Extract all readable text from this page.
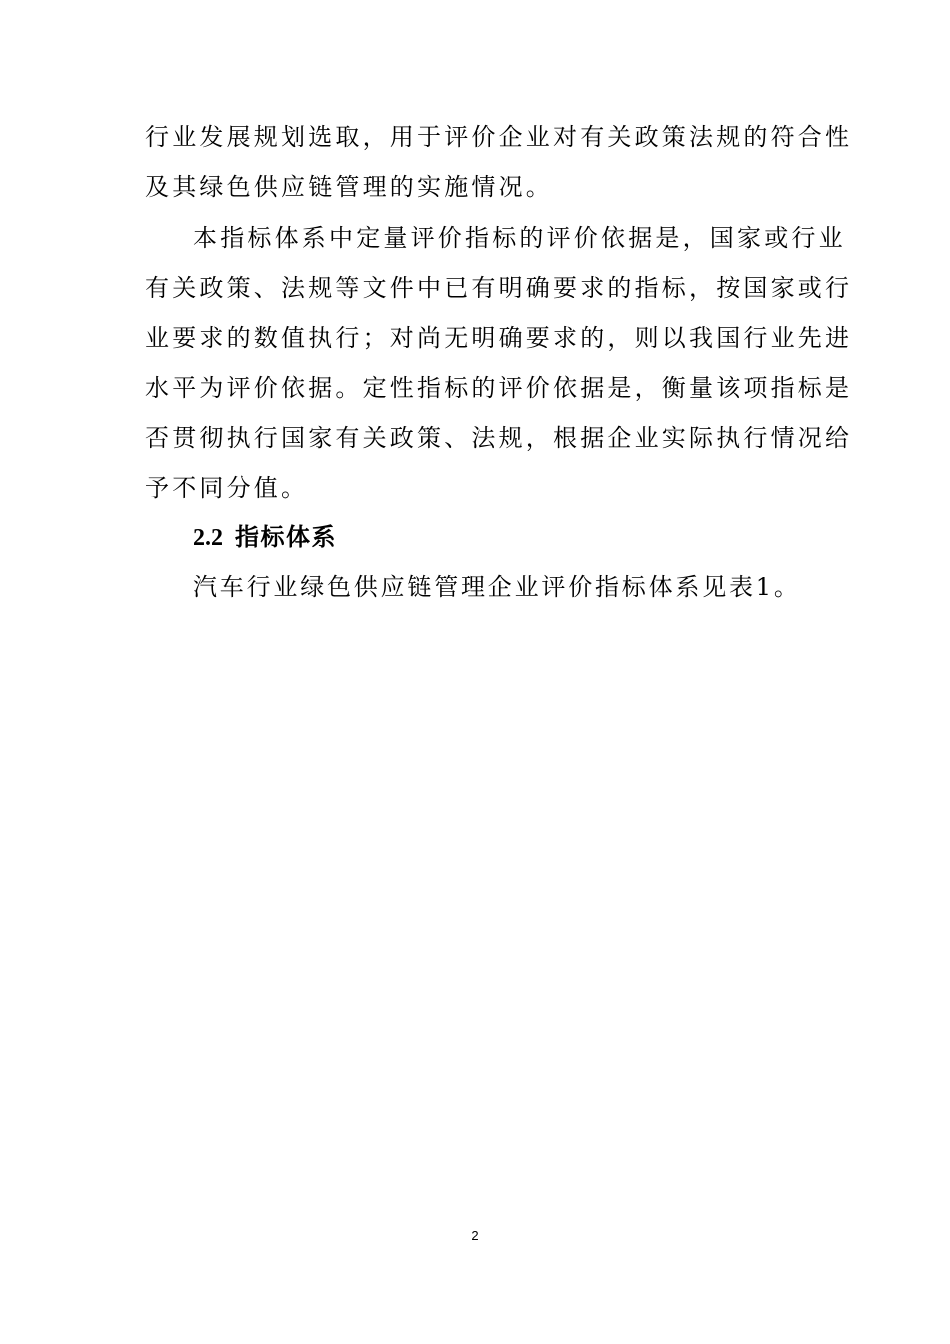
行业发展规划选取，用于评价企业对有关政策法规的符合性
及其绿色供应链管理的实施情况。
本指标体系中定量评价指标的评价依据是，国家或行业
有关政策、法规等文件中已有明确要求的指标，按国家或行
业要求的数值执行；对尚无明确要求的，则以我国行业先进
水平为评价依据。定性指标的评价依据是，衡量该项指标是
否贯彻执行国家有关政策、法规，根据企业实际执行情况给
予不同分值。
2.2 指标体系
汽车行业绿色供应链管理企业评价指标体系见表1。
2
